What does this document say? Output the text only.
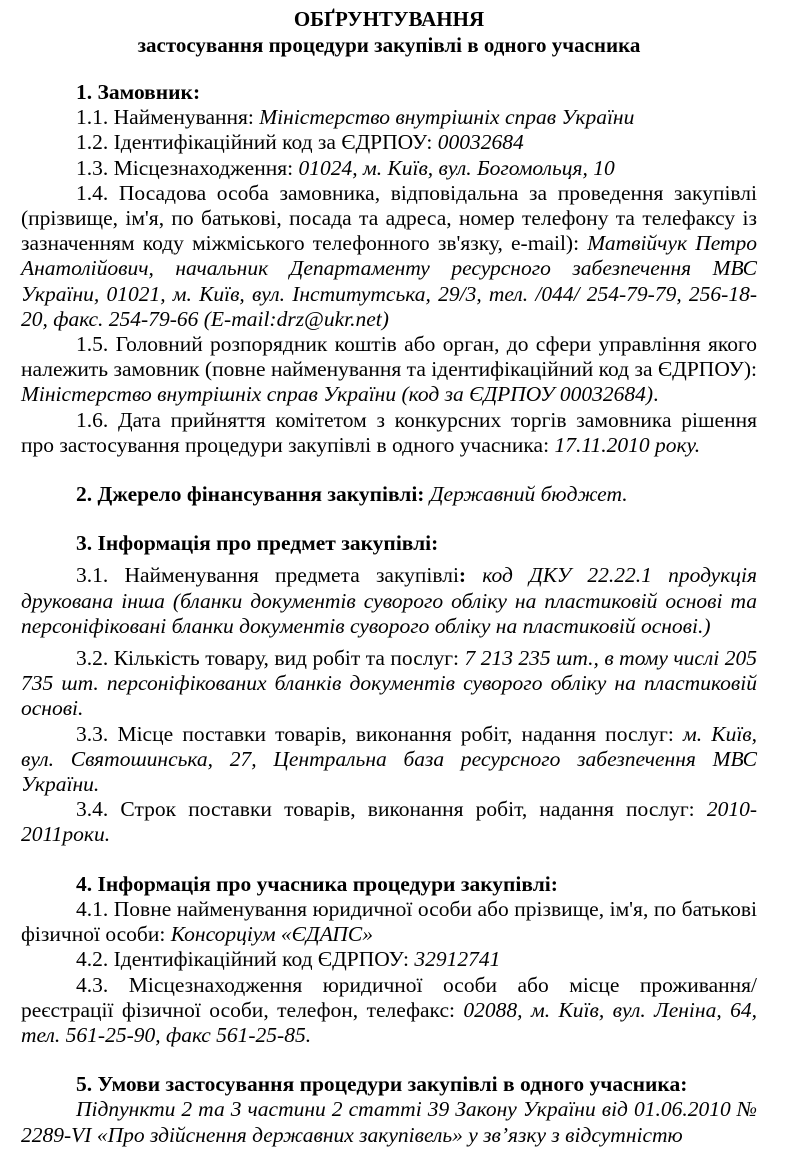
ОБҐРУНТУВАННЯ
застосування процедури закупівлі в одного учасника
1. Замовник:
1.1. Найменування: Міністерство внутрішніх справ України
1.2. Ідентифікаційний код за ЄДРПОУ: 00032684
1.3. Місцезнаходження: 01024, м. Київ, вул. Богомольця, 10
1.4. Посадова особа замовника, відповідальна за проведення закупівлі (прізвище, ім'я, по батькові, посада та адреса, номер телефону та телефаксу із зазначенням коду міжміського телефонного зв'язку, e-mail): Матвійчук Петро Анатолійович, начальник Департаменту ресурсного забезпечення МВС України, 01021, м. Київ, вул. Інститутська, 29/3, тел. /044/ 254-79-79, 256-18-20, факс. 254-79-66 (E-mail:drz@ukr.net)
1.5. Головний розпорядник коштів або орган, до сфери управління якого належить замовник (повне найменування та ідентифікаційний код за ЄДРПОУ): Міністерство внутрішніх справ України (код за ЄДРПОУ 00032684).
1.6. Дата прийняття комітетом з конкурсних торгів замовника рішення про застосування процедури закупівлі в одного учасника: 17.11.2010 року.
2. Джерело фінансування закупівлі: Державний бюджет.
3. Інформація про предмет закупівлі:
3.1. Найменування предмета закупівлі: код ДКУ 22.22.1 продукція друкована інша (бланки документів суворого обліку на пластиковій основі та персоніфіковані бланки документів суворого обліку на пластиковій основі.)
3.2. Кількість товару, вид робіт та послуг: 7 213 235 шт., в тому числі 205 735 шт. персоніфікованих бланків документів суворого обліку на пластиковій основі.
3.3. Місце поставки товарів, виконання робіт, надання послуг: м. Київ, вул. Святошинська, 27, Центральна база ресурсного забезпечення МВС України.
3.4. Строк поставки товарів, виконання робіт, надання послуг: 2010-2011роки.
4. Інформація про учасника процедури закупівлі:
4.1. Повне найменування юридичної особи або прізвище, ім'я, по батькові фізичної особи: Консорціум «ЄДАПС»
4.2. Ідентифікаційний код ЄДРПОУ: 32912741
4.3. Місцезнаходження юридичної особи або місце проживання/реєстрації фізичної особи, телефон, телефакс: 02088, м. Київ, вул. Леніна, 64, тел. 561-25-90, факс 561-25-85.
5. Умови застосування процедури закупівлі в одного учасника:
Підпункти 2 та 3 частини 2 статті 39 Закону України від 01.06.2010 № 2289-VI «Про здійснення державних закупівель» у зв’язку з відсутністю
